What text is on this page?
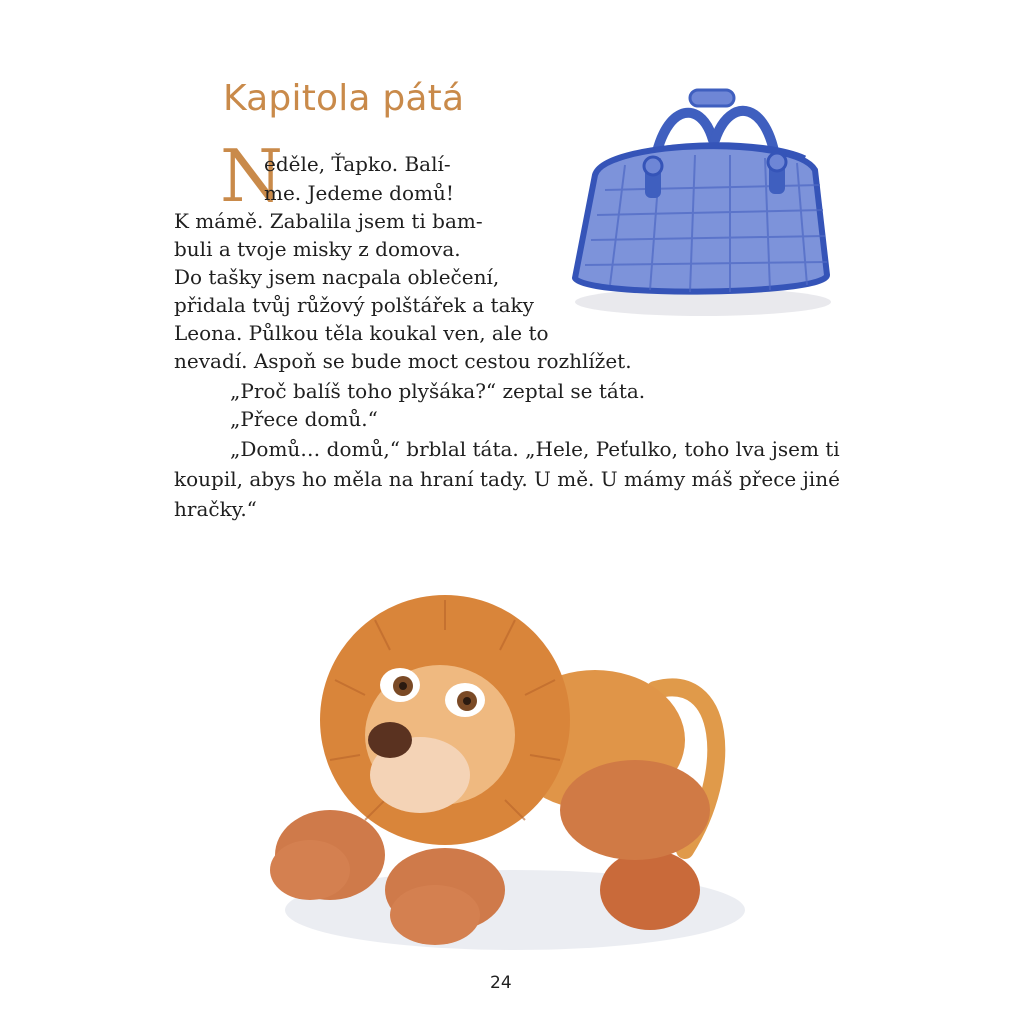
Kapitola pátá
N
eděle, Ťapko. Balí-
me. Jedeme domů!
K mámě. Zabalila jsem ti bam-
buli a tvoje misky z domova.
Do tašky jsem nacpala oblečení,
přidala tvůj růžový polštářek a taky
Leona. Půlkou těla koukal ven, ale to
nevadí. Aspoň se bude moct cestou rozhlížet.
„Proč balíš toho plyšáka?“ zeptal se táta.
„Přece domů.“
„Domů… domů,“ brblal táta. „Hele, Peťulko, toho lva jsem ti
koupil, abys ho měla na hraní tady. U mě. U mámy máš přece jiné
hračky.“
24
